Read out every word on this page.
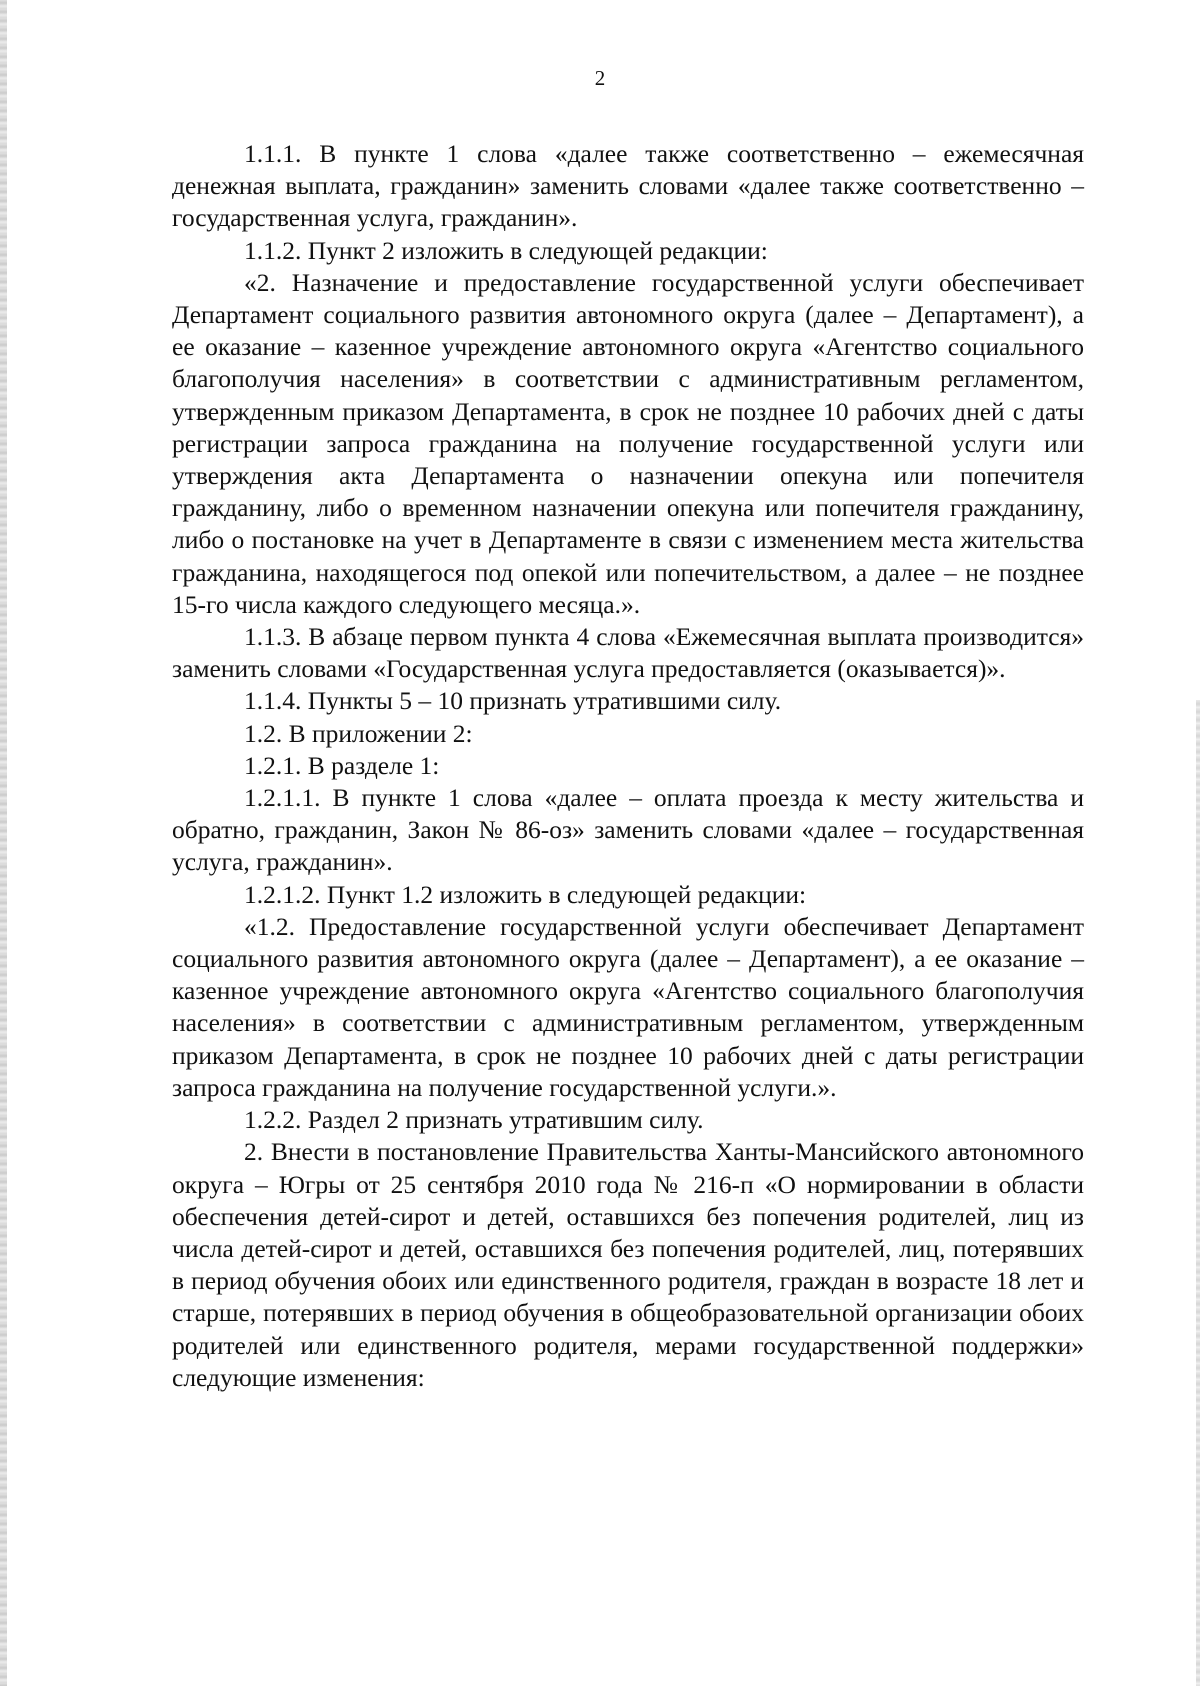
2

1.1.1. В пункте 1 слова «далее также соответственно – ежемесячная денежная выплата, гражданин» заменить словами «далее также соответственно – государственная услуга, гражданин».

1.1.2. Пункт 2 изложить в следующей редакции:

«2. Назначение и предоставление государственной услуги обеспечивает Департамент социального развития автономного округа (далее – Департамент), а ее оказание – казенное учреждение автономного округа «Агентство социального благополучия населения» в соответствии с административным регламентом, утвержденным приказом Департамента, в срок не позднее 10 рабочих дней с даты регистрации запроса гражданина на получение государственной услуги или утверждения акта Департамента о назначении опекуна или попечителя гражданину, либо о временном назначении опекуна или попечителя гражданину, либо о постановке на учет в Департаменте в связи с изменением места жительства гражданина, находящегося под опекой или попечительством, а далее – не позднее 15-го числа каждого следующего месяца.».

1.1.3. В абзаце первом пункта 4 слова «Ежемесячная выплата производится» заменить словами «Государственная услуга предоставляется (оказывается)».

1.1.4. Пункты 5 – 10 признать утратившими силу.

1.2. В приложении 2:

1.2.1. В разделе 1:

1.2.1.1. В пункте 1 слова «далее – оплата проезда к месту жительства и обратно, гражданин, Закон № 86-оз» заменить словами «далее – государственная услуга, гражданин».

1.2.1.2. Пункт 1.2 изложить в следующей редакции:

«1.2. Предоставление государственной услуги обеспечивает Департамент социального развития автономного округа (далее – Департамент), а ее оказание – казенное учреждение автономного округа «Агентство социального благополучия населения» в соответствии с административным регламентом, утвержденным приказом Департамента, в срок не позднее 10 рабочих дней с даты регистрации запроса гражданина на получение государственной услуги.».

1.2.2. Раздел 2 признать утратившим силу.

2. Внести в постановление Правительства Ханты-Мансийского автономного округа – Югры от 25 сентября 2010 года № 216-п «О нормировании в области обеспечения детей-сирот и детей, оставшихся без попечения родителей, лиц из числа детей-сирот и детей, оставшихся без попечения родителей, лиц, потерявших в период обучения обоих или единственного родителя, граждан в возрасте 18 лет и старше, потерявших в период обучения в общеобразовательной организации обоих родителей или единственного родителя, мерами государственной поддержки» следующие изменения:
